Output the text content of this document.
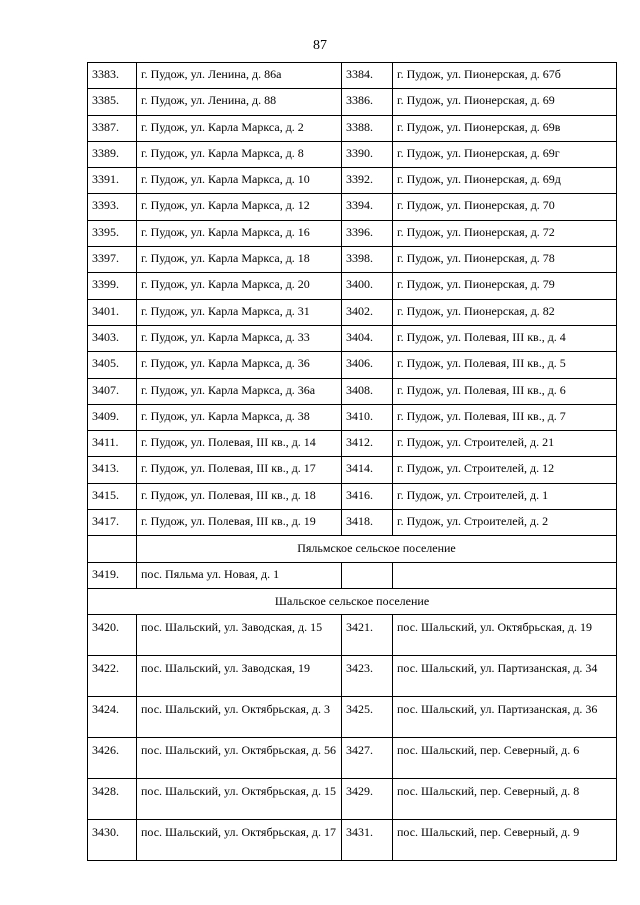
87
3383.	г. Пудож, ул. Ленина, д. 86а	3384.	г. Пудож, ул. Пионерская, д. 67б
3385.	г. Пудож, ул. Ленина, д. 88	3386.	г. Пудож, ул. Пионерская, д. 69
3387.	г. Пудож, ул. Карла Маркса, д. 2	3388.	г. Пудож, ул. Пионерская, д. 69в
3389.	г. Пудож, ул. Карла Маркса, д. 8	3390.	г. Пудож, ул. Пионерская, д. 69г
3391.	г. Пудож, ул. Карла Маркса, д. 10	3392.	г. Пудож, ул. Пионерская, д. 69д
3393.	г. Пудож, ул. Карла Маркса, д. 12	3394.	г. Пудож, ул. Пионерская, д. 70
3395.	г. Пудож, ул. Карла Маркса, д. 16	3396.	г. Пудож, ул. Пионерская, д. 72
3397.	г. Пудож, ул. Карла Маркса, д. 18	3398.	г. Пудож, ул. Пионерская, д. 78
3399.	г. Пудож, ул. Карла Маркса, д. 20	3400.	г. Пудож, ул. Пионерская, д. 79
3401.	г. Пудож, ул. Карла Маркса, д. 31	3402.	г. Пудож, ул. Пионерская, д. 82
3403.	г. Пудож, ул. Карла Маркса, д. 33	3404.	г. Пудож, ул. Полевая, III кв., д. 4
3405.	г. Пудож, ул. Карла Маркса, д. 36	3406.	г. Пудож, ул. Полевая, III кв., д. 5
3407.	г. Пудож, ул. Карла Маркса, д. 36а	3408.	г. Пудож, ул. Полевая, III кв., д. 6
3409.	г. Пудож, ул. Карла Маркса, д. 38	3410.	г. Пудож, ул. Полевая, III кв., д. 7
3411.	г. Пудож, ул. Полевая, III кв., д. 14	3412.	г. Пудож, ул. Строителей, д. 21
3413.	г. Пудож, ул. Полевая, III кв., д. 17	3414.	г. Пудож, ул. Строителей, д. 12
3415.	г. Пудож, ул. Полевая, III кв., д. 18	3416.	г. Пудож, ул. Строителей, д. 1
3417.	г. Пудож, ул. Полевая, III кв., д. 19	3418.	г. Пудож, ул. Строителей, д. 2
	Пяльмское сельское поселение		
3419.	пос. Пяльма ул. Новая, д. 1		
Шальское сельское поселение			
3420.	пос. Шальский, ул. Заводская, д. 15	3421.	пос. Шальский, ул. Октябрьская, д. 19
3422.	пос. Шальский, ул. Заводская, 19	3423.	пос. Шальский, ул. Партизанская, д. 34
3424.	пос. Шальский, ул. Октябрьская, д. 3	3425.	пос. Шальский, ул. Партизанская, д. 36
3426.	пос. Шальский, ул. Октябрьская, д. 56	3427.	пос. Шальский, пер. Северный, д. 6
3428.	пос. Шальский, ул. Октябрьская, д. 15	3429.	пос. Шальский, пер. Северный, д. 8
3430.	пос. Шальский, ул. Октябрьская, д. 17	3431.	пос. Шальский, пер. Северный, д. 9
